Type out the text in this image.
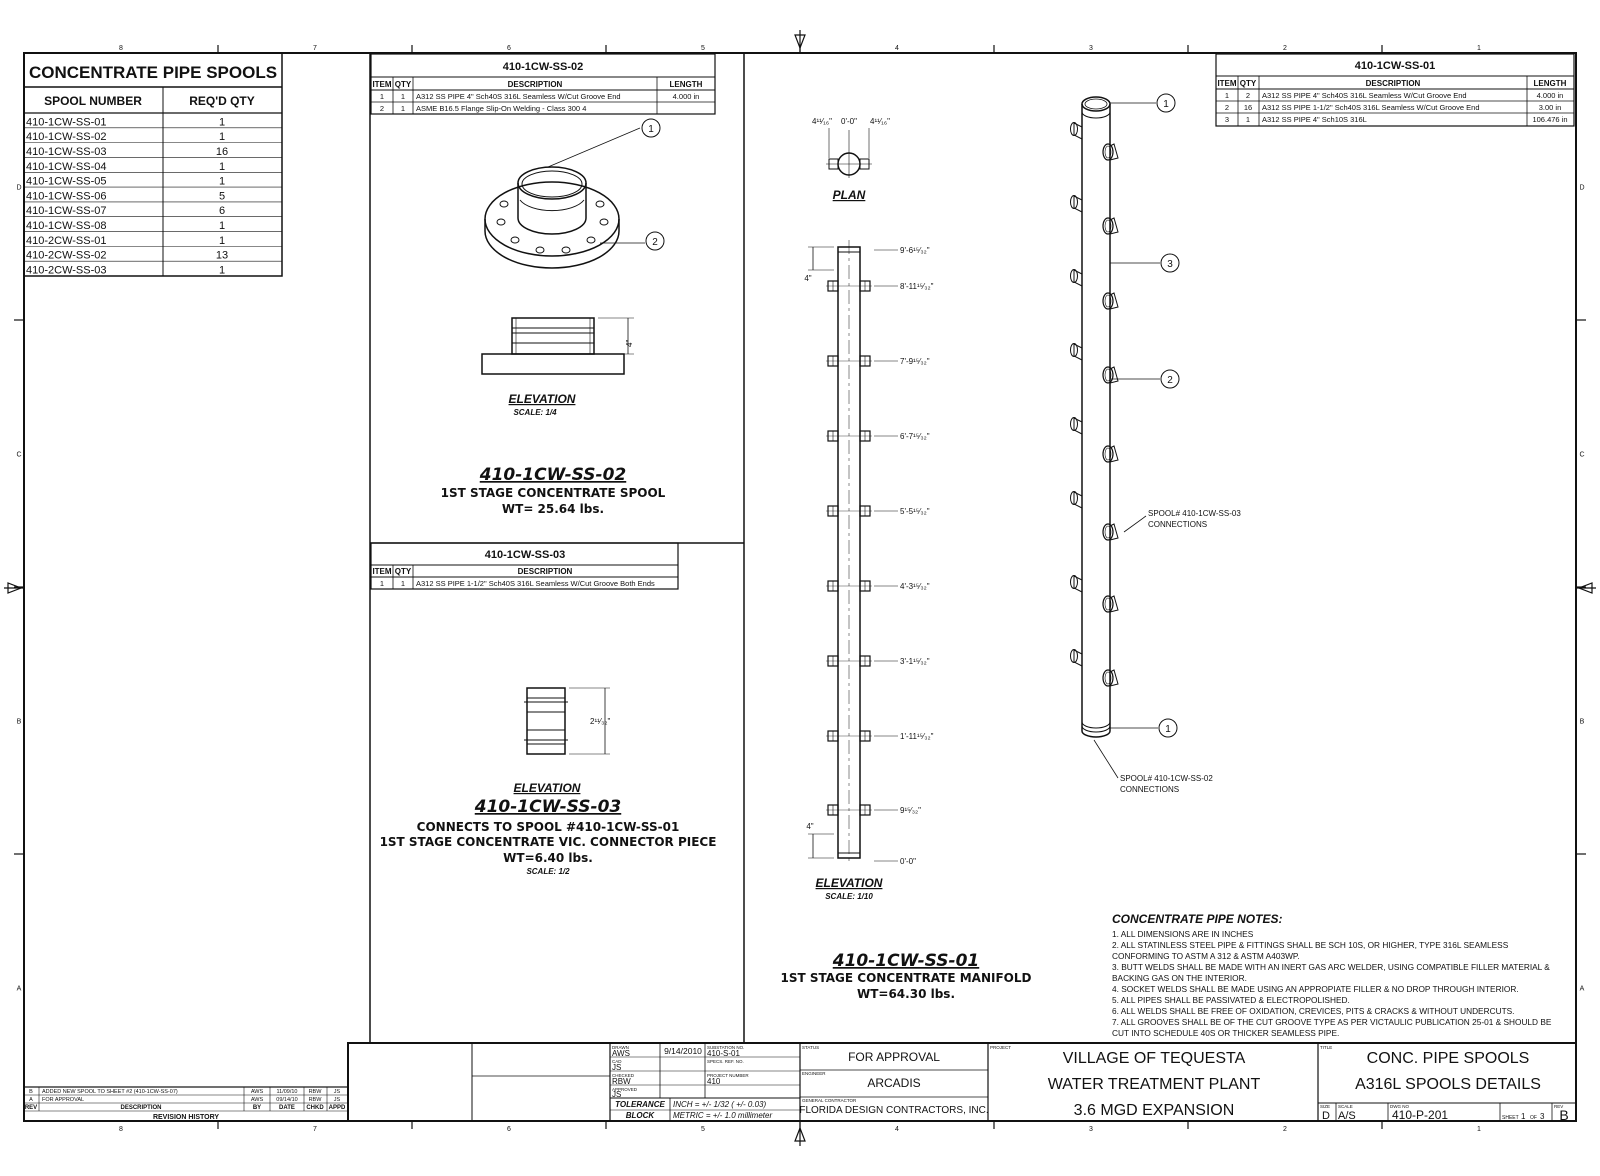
8
8
7
7
6
6
5
5
4
4
3
3
2
2
1
1
D	D
C	C
B	B
A	A
CONCENTRATE PIPE SPOOLS
SPOOL NUMBER	REQ'D QTY
410-1CW-SS-01	1
410-1CW-SS-02	1
410-1CW-SS-03	16
410-1CW-SS-04	1
410-1CW-SS-05	1
410-1CW-SS-06	5
410-1CW-SS-07	6
410-1CW-SS-08	1
410-2CW-SS-01	1
410-2CW-SS-02	13
410-2CW-SS-03	1
410-1CW-SS-02
ITEM QTY	DESCRIPTION	LENGTH
1 1 A312 SS PIPE 4" Sch40S 316L Seamless W/Cut Groove End	4.000 in
2 1 ASME B16.5 Flange Slip-On Welding - Class 300 4
4"
1
2
ELEVATION
SCALE: 1/4
410-1CW-SS-02
1ST STAGE CONCENTRATE SPOOL
WT= 25.64 lbs.
410-1CW-SS-03
ITEM QTY	DESCRIPTION
1 1 A312 SS PIPE 1-1/2" Sch40S 316L Seamless W/Cut Groove Both Ends
2¹¹⁄₃₂"
ELEVATION
410-1CW-SS-03
CONNECTS TO SPOOL #410-1CW-SS-01
1ST STAGE CONCENTRATE VIC. CONNECTOR PIECE
WT=6.40 lbs.
SCALE: 1/2
4¹¹⁄₁₆" 0'-0" 4¹¹⁄₁₆"
PLAN
4"
4"
9'-6¹⁵⁄₃₂"
8'-11¹⁵⁄₃₂"
7'-9¹⁵⁄₃₂"
6'-7¹⁵⁄₃₂"
5'-5¹⁵⁄₃₂"
4'-3¹⁵⁄₃₂"
3'-1¹⁵⁄₃₂"
1'-11¹⁵⁄₃₂"
9¹⁵⁄₃₂"
0'-0"
ELEVATION
SCALE: 1/10
1
3
2
1
SPOOL# 410-1CW-SS-03
CONNECTIONS
SPOOL# 410-1CW-SS-02
CONNECTIONS
410-1CW-SS-01
1ST STAGE CONCENTRATE MANIFOLD
WT=64.30 lbs.
410-1CW-SS-01
ITEM QTY	DESCRIPTION	LENGTH
1 2 A312 SS PIPE 4" Sch40S 316L Seamless W/Cut Groove End	4.000 in
2 16 A312 SS PIPE 1-1/2" Sch40S 316L Seamless W/Cut Groove End	3.00 in
3 1 A312 SS PIPE 4" Sch10S 316L	106.476 in
CONCENTRATE PIPE NOTES:
1. ALL DIMENSIONS ARE IN INCHES
2. ALL STATINLESS STEEL PIPE & FITTINGS SHALL BE SCH 10S, OR HIGHER, TYPE 316L SEAMLESS
CONFORMING TO ASTM A 312 & ASTM A403WP.
3. BUTT WELDS SHALL BE MADE WITH AN INERT GAS ARC WELDER, USING COMPATIBLE FILLER MATERIAL &
BACKING GAS ON THE INTERIOR.
4. SOCKET WELDS SHALL BE MADE USING AN APPROPIATE FILLER & NO DROP THROUGH INTERIOR.
5. ALL PIPES SHALL BE PASSIVATED & ELECTROPOLISHED.
6. ALL WELDS SHALL BE FREE OF OXIDATION, CREVICES, PITS & CRACKS & WITHOUT UNDERCUTS.
7. ALL GROOVES SHALL BE OF THE CUT GROOVE TYPE AS PER VICTAULIC PUBLICATION 25-01 & SHOULD BE
CUT INTO SCHEDULE 40S OR THICKER SEAMLESS PIPE.
B ADDED NEW SPOOL TO SHEET #2 (410-1CW-SS-07)	AWS 11/09/10 RBW JS
A FOR APPROVAL	AWS 09/14/10 RBW JS
REV	DESCRIPTION	BY	DATE CHKD APPD
REVISION HISTORY
DRAWN
AWS	9/14/2010 SUBSTATION NO.
410-S-01
CAD
JS
SPECS. REF. NO.
CHECKED
RBW
PROJECT NUMBER
410
APPROVED
JS
TOLERANCE
BLOCK
INCH = +/- 1/32 ( +/- 0.03)
METRIC = +/- 1.0 millimeter
STATUS
FOR APPROVAL
ENGINEER
ARCADIS
GENERAL CONTRACTOR
FLORIDA DESIGN CONTRACTORS, INC.
PROJECT
VILLAGE OF TEQUESTA
WATER TREATMENT PLANT
3.6 MGD EXPANSION
TITLE
CONC. PIPE SPOOLS
A316L SPOOLS DETAILS
SIZE
D
SCALE
A/S
DWG NO
410-P-201	SHEET 1 OF 3
REV
B
